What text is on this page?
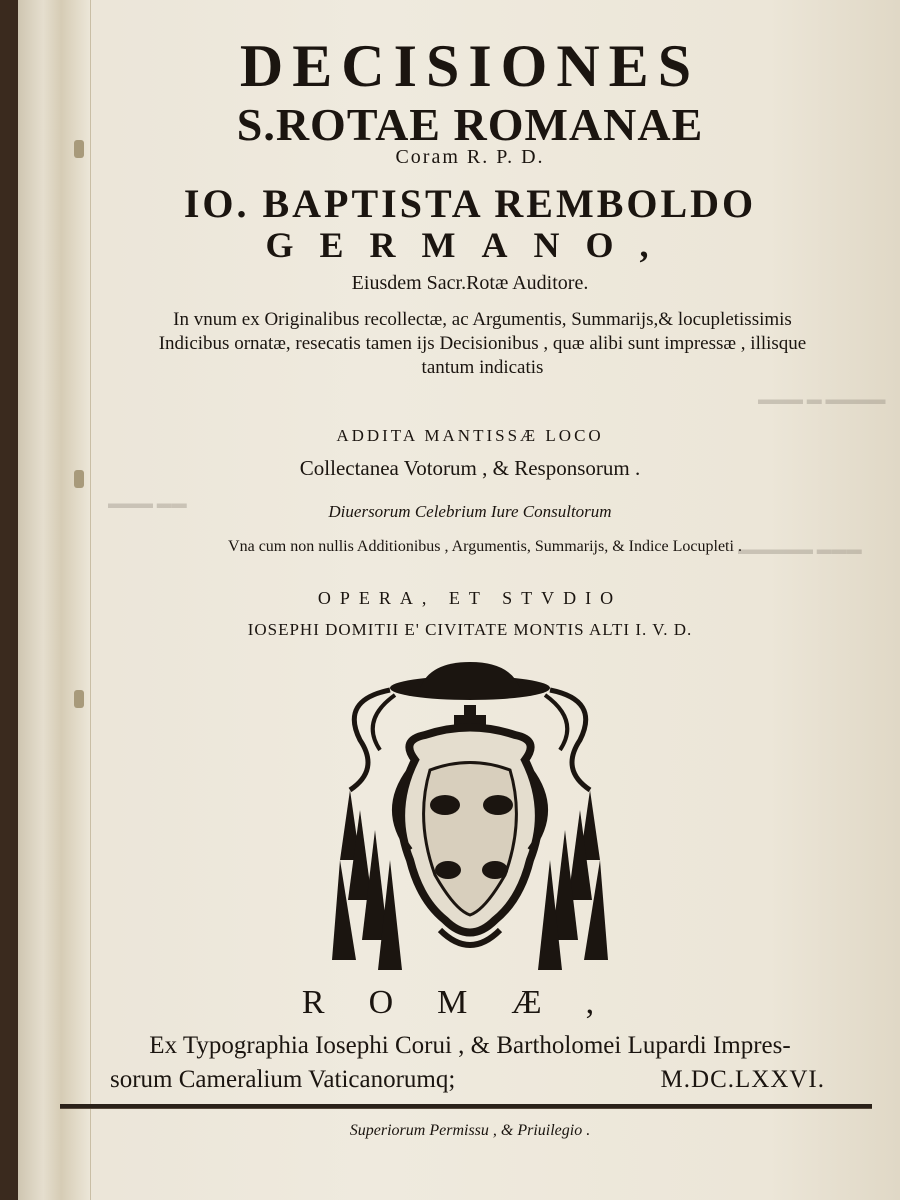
▬▬▬ ▬ ▬▬▬▬
▬▬▬▬▬ ▬▬▬
▬▬▬ ▬▬
DECISIONES
S.ROTAE ROMANAE
Coram R. P. D.
IO. BAPTISTA REMBOLDO
GERMANO,
Eiusdem Sacr.Rotæ Auditore.
In vnum ex Originalibus recollectæ, ac Argumentis, Summarijs,& locupletissimis Indicibus ornatæ, resecatis tamen ijs Decisionibus , quæ alibi sunt impressæ , illisque tantum indicatis
ADDITA MANTISSÆ LOCO
Collectanea Votorum , & Responsorum .
Diuersorum Celebrium Iure Consultorum
Vna cum non nullis Additionibus , Argumentis, Summarijs, & Indice Locupleti .
OPERA, ET STVDIO
IOSEPHI DOMITII E' CIVITATE MONTIS ALTI I. V. D.
ROMÆ,
Ex Typographia Iosephi Corui , & Bartholomei Lupardi Impres-
sorum Cameralium Vaticanorumq;	M.DC.LXXVI.
Superiorum Permissu , & Priuilegio .
